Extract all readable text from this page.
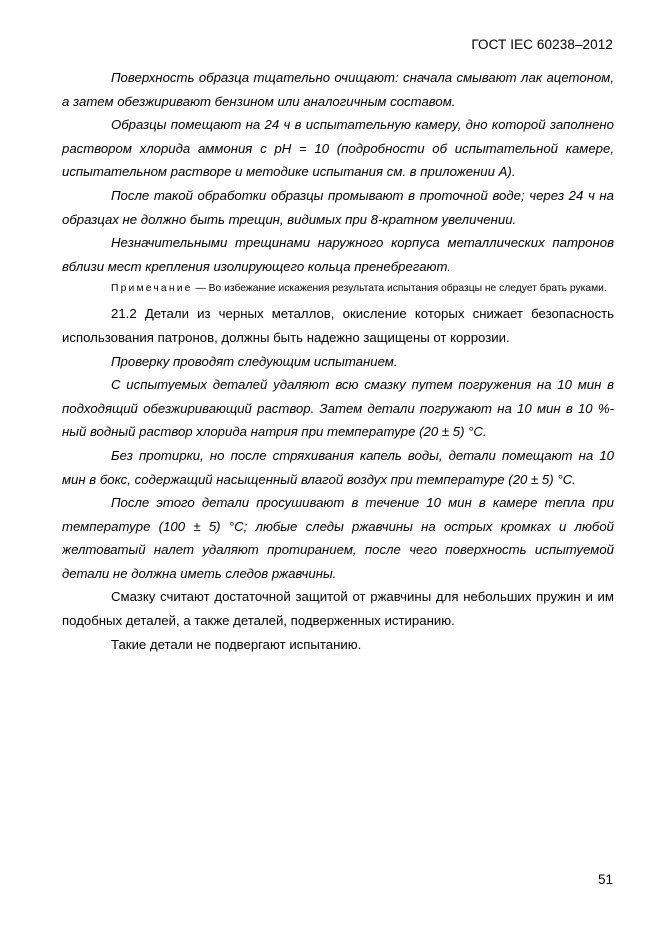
ГОСТ IEC 60238–2012

Поверхность образца тщательно очищают: сначала смывают лак ацетоном, а затем обезжиривают бензином или аналогичным составом.

Образцы помещают на 24 ч в испытательную камеру, дно которой заполнено раствором хлорида аммония с pH = 10 (подробности об испытательной камере, испытательном растворе и методике испытания см. в приложении А).

После такой обработки образцы промывают в проточной воде; через 24 ч на образцах не должно быть трещин, видимых при 8-кратном увеличении.

Незначительными трещинами наружного корпуса металлических патронов вблизи мест крепления изолирующего кольца пренебрегают.

Примечание — Во избежание искажения результата испытания образцы не следует брать руками.

21.2 Детали из черных металлов, окисление которых снижает безопасность использования патронов, должны быть надежно защищены от коррозии.

Проверку проводят следующим испытанием.

С испытуемых деталей удаляют всю смазку путем погружения на 10 мин в подходящий обезжиривающий раствор. Затем детали погружают на 10 мин в 10 %-ный водный раствор хлорида натрия при температуре (20 ± 5) °С.

Без протирки, но после стряхивания капель воды, детали помещают на 10 мин в бокс, содержащий насыщенный влагой воздух при температуре (20 ± 5) °С.

После этого детали просушивают в течение 10 мин в камере тепла при температуре (100 ± 5) °С; любые следы ржавчины на острых кромках и любой желтоватый налет удаляют протиранием, после чего поверхность испытуемой детали не должна иметь следов ржавчины.

Смазку считают достаточной защитой от ржавчины для небольших пружин и им подобных деталей, а также деталей, подверженных истиранию.

Такие детали не подвергают испытанию.

51
